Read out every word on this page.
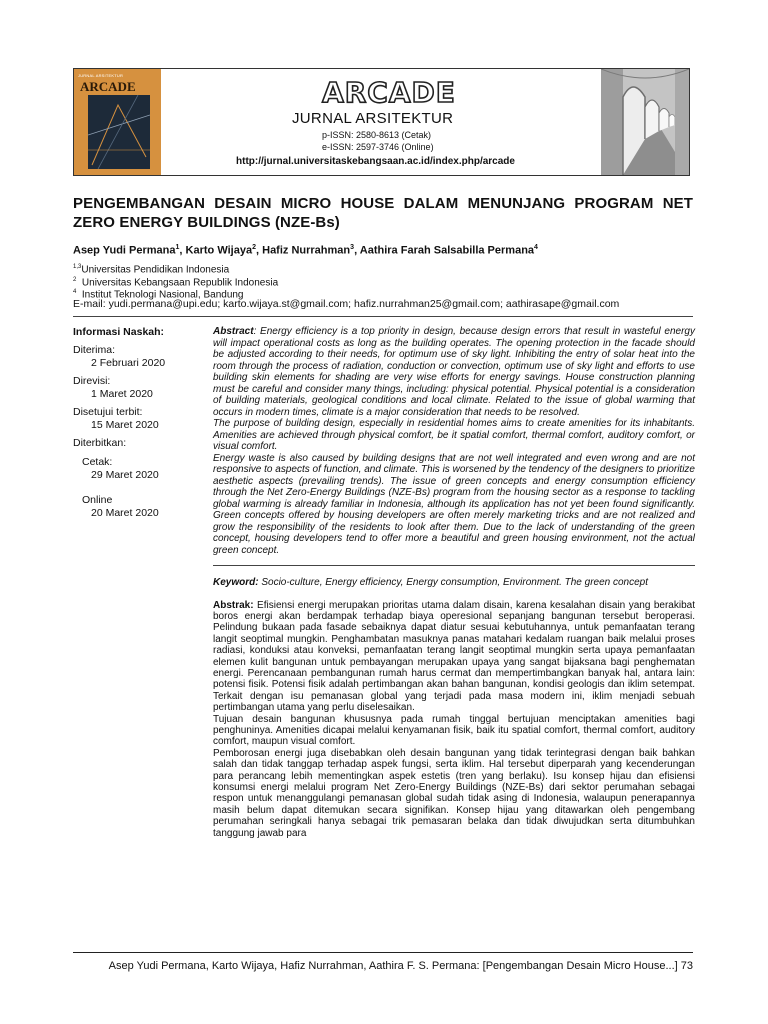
JURNAL ARSITEKTUR
ARCADE	ARCADE
JURNAL ARSITEKTUR
p-ISSN: 2580-8613 (Cetak)
e-ISSN: 2597-3746 (Online)
http://jurnal.universitaskebangsaan.ac.id/index.php/arcade
PENGEMBANGAN DESAIN MICRO HOUSE DALAM MENUNJANG PROGRAM NET ZERO ENERGY BUILDINGS (NZE-Bs)
Asep Yudi Permana$^1$, Karto Wijaya$^2$, Hafiz Nurrahman$^3$, Aathira Farah Salsabilla Permana$^4$
$^{1,3}$Universitas Pendidikan Indonesia
$^2$ Universitas Kebangsaan Republik Indonesia
$^4$ Institut Teknologi Nasional, Bandung
E-mail: yudi.permana@upi.edu; karto.wijaya.st@gmail.com; hafiz.nurrahman25@gmail.com; aathirasape@gmail.com
Informasi Naskah:
Diterima:
2 Februari 2020
Direvisi:
1 Maret 2020
Disetujui terbit:
15 Maret 2020
Diterbitkan:
Cetak:
29 Maret 2020
Online
20 Maret 2020

Abstract: Energy efficiency is a top priority in design, because design errors that result in wasteful energy will impact operational costs as long as the building operates. The opening protection in the facade should be adjusted according to their needs, for optimum use of sky light. Inhibiting the entry of solar heat into the room through the process of radiation, conduction or convection, optimum use of sky light and efforts to use building skin elements for shading are very wise efforts for energy savings. House construction planning must be careful and consider many things, including: physical potential. Physical potential is a consideration of building materials, geological conditions and local climate. Related to the issue of global warming that occurs in modern times, climate is a major consideration that needs to be resolved.

The purpose of building design, especially in residential homes aims to create amenities for its inhabitants. Amenities are achieved through physical comfort, be it spatial comfort, thermal comfort, auditory comfort, or visual comfort.

Energy waste is also caused by building designs that are not well integrated and even wrong and are not responsive to aspects of function, and climate. This is worsened by the tendency of the designers to prioritize aesthetic aspects (prevailing trends). The issue of green concepts and energy consumption efficiency through the Net Zero-Energy Buildings (NZE-Bs) program from the housing sector as a response to tackling global warming is already familiar in Indonesia, although its application has not yet been found significantly. Green concepts offered by housing developers are often merely marketing tricks and are not realized and grow the responsibility of the residents to look after them. Due to the lack of understanding of the green concept, housing developers tend to offer more a beautiful and green housing environment, not the actual green concept.

Keyword: Socio-culture, Energy efficiency, Energy consumption, Environment. The green concept

Abstrak: Efisiensi energi merupakan prioritas utama dalam disain, karena kesalahan disain yang berakibat boros energi akan berdampak terhadap biaya operesional sepanjang bangunan tersebut beroperasi. Pelindung bukaan pada fasade sebaiknya dapat diatur sesuai kebutuhannya, untuk pemanfaatan terang langit seoptimal mungkin. Penghambatan masuknya panas matahari kedalam ruangan baik melalui proses radiasi, konduksi atau konveksi, pemanfaatan terang langit seoptimal mungkin serta upaya pemanfaatan elemen kulit bangunan untuk pembayangan merupakan upaya yang sangat bijaksana bagi penghematan energi. Perencanaan pembangunan rumah harus cermat dan mempertimbangkan banyak hal, antara lain: potensi fisik. Potensi fisik adalah pertimbangan akan bahan bangunan, kondisi geologis dan iklim setempat. Terkait dengan isu pemanasan global yang terjadi pada masa modern ini, iklim menjadi sebuah pertimbangan utama yang perlu diselesaikan.

Tujuan desain bangunan khususnya pada rumah tinggal bertujuan menciptakan amenities bagi penghuninya. Amenities dicapai melalui kenyamanan fisik, baik itu spatial comfort, thermal comfort, auditory comfort, maupun visual comfort.

Pemborosan energi juga disebabkan oleh desain bangunan yang tidak terintegrasi dengan baik bahkan salah dan tidak tanggap terhadap aspek fungsi, serta iklim. Hal tersebut diperparah yang kecenderungan para perancang lebih mementingkan aspek estetis (tren yang berlaku). Isu konsep hijau dan efisiensi konsumsi energi melalui program Net Zero-Energy Buildings (NZE-Bs) dari sektor perumahan sebagai respon untuk menanggulangi pemanasan global sudah tidak asing di Indonesia, walaupun penerapannya masih belum dapat ditemukan secara signifikan. Konsep hijau yang ditawarkan oleh pengembang perumahan seringkali hanya sebagai trik pemasaran belaka dan tidak diwujudkan serta ditumbuhkan tanggung jawab para

Asep Yudi Permana, Karto Wijaya, Hafiz Nurrahman, Aathira F. S. Permana: [Pengembangan Desain Micro House...] 73
